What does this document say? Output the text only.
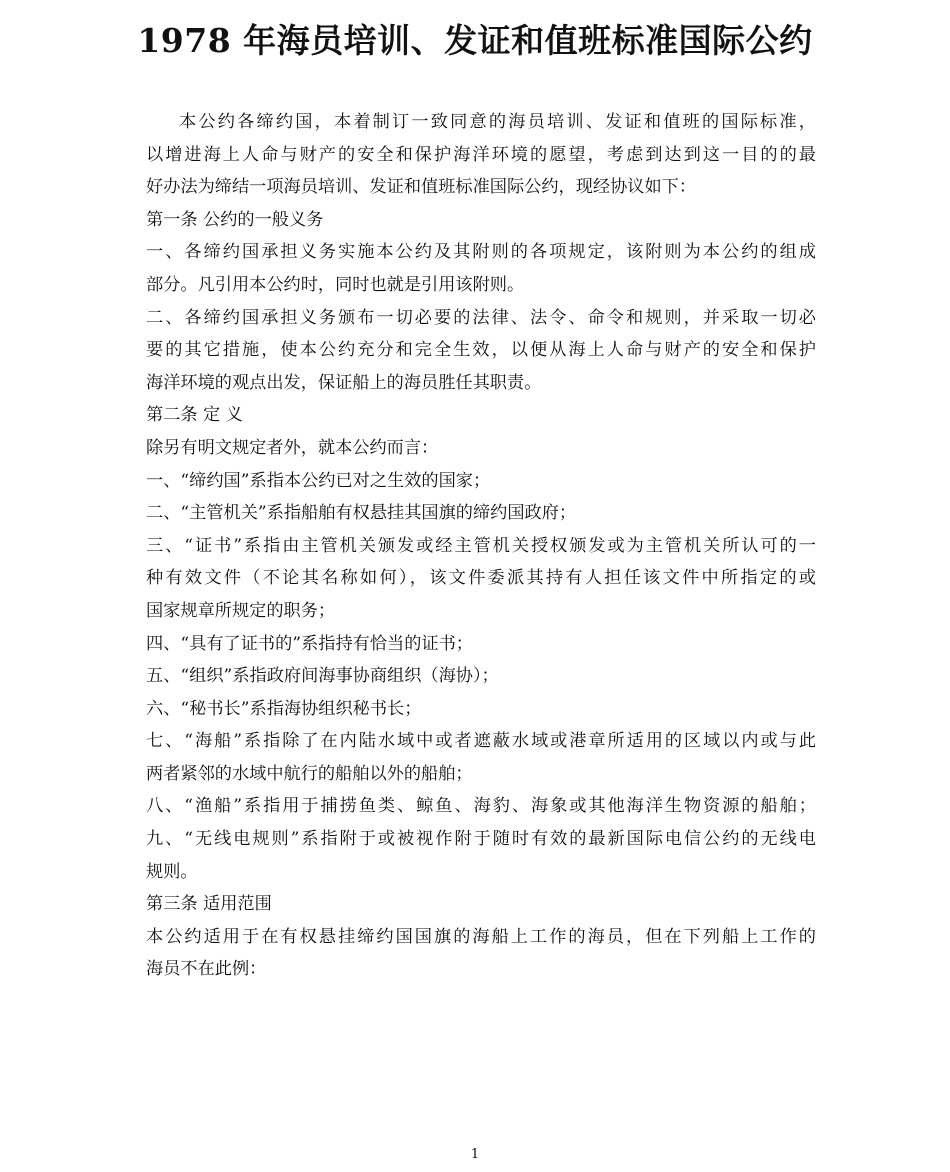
1978 年海员培训、发证和值班标准国际公约
本公约各缔约国，本着制订一致同意的海员培训、发证和值班的国际标准，
以增进海上人命与财产的安全和保护海洋环境的愿望，考虑到达到这一目的的最
好办法为缔结一项海员培训、发证和值班标准国际公约，现经协议如下：
第一条 公约的一般义务
一、各缔约国承担义务实施本公约及其附则的各项规定，该附则为本公约的组成
部分。凡引用本公约时，同时也就是引用该附则。
二、各缔约国承担义务颁布一切必要的法律、法令、命令和规则，并采取一切必
要的其它措施，使本公约充分和完全生效，以便从海上人命与财产的安全和保护
海洋环境的观点出发，保证船上的海员胜任其职责。
第二条 定 义
除另有明文规定者外，就本公约而言：
一、“缔约国”系指本公约已对之生效的国家；
二、“主管机关”系指船舶有权悬挂其国旗的缔约国政府；
三、“证书”系指由主管机关颁发或经主管机关授权颁发或为主管机关所认可的一
种有效文件（不论其名称如何），该文件委派其持有人担任该文件中所指定的或
国家规章所规定的职务；
四、“具有了证书的”系指持有恰当的证书；
五、“组织”系指政府间海事协商组织（海协）；
六、“秘书长”系指海协组织秘书长；
七、“海船”系指除了在内陆水域中或者遮蔽水域或港章所适用的区域以内或与此
两者紧邻的水域中航行的船舶以外的船舶；
八、“渔船”系指用于捕捞鱼类、鲸鱼、海豹、海象或其他海洋生物资源的船舶；
九、“无线电规则”系指附于或被视作附于随时有效的最新国际电信公约的无线电
规则。
第三条 适用范围
本公约适用于在有权悬挂缔约国国旗的海船上工作的海员，但在下列船上工作的
海员不在此例：
1
